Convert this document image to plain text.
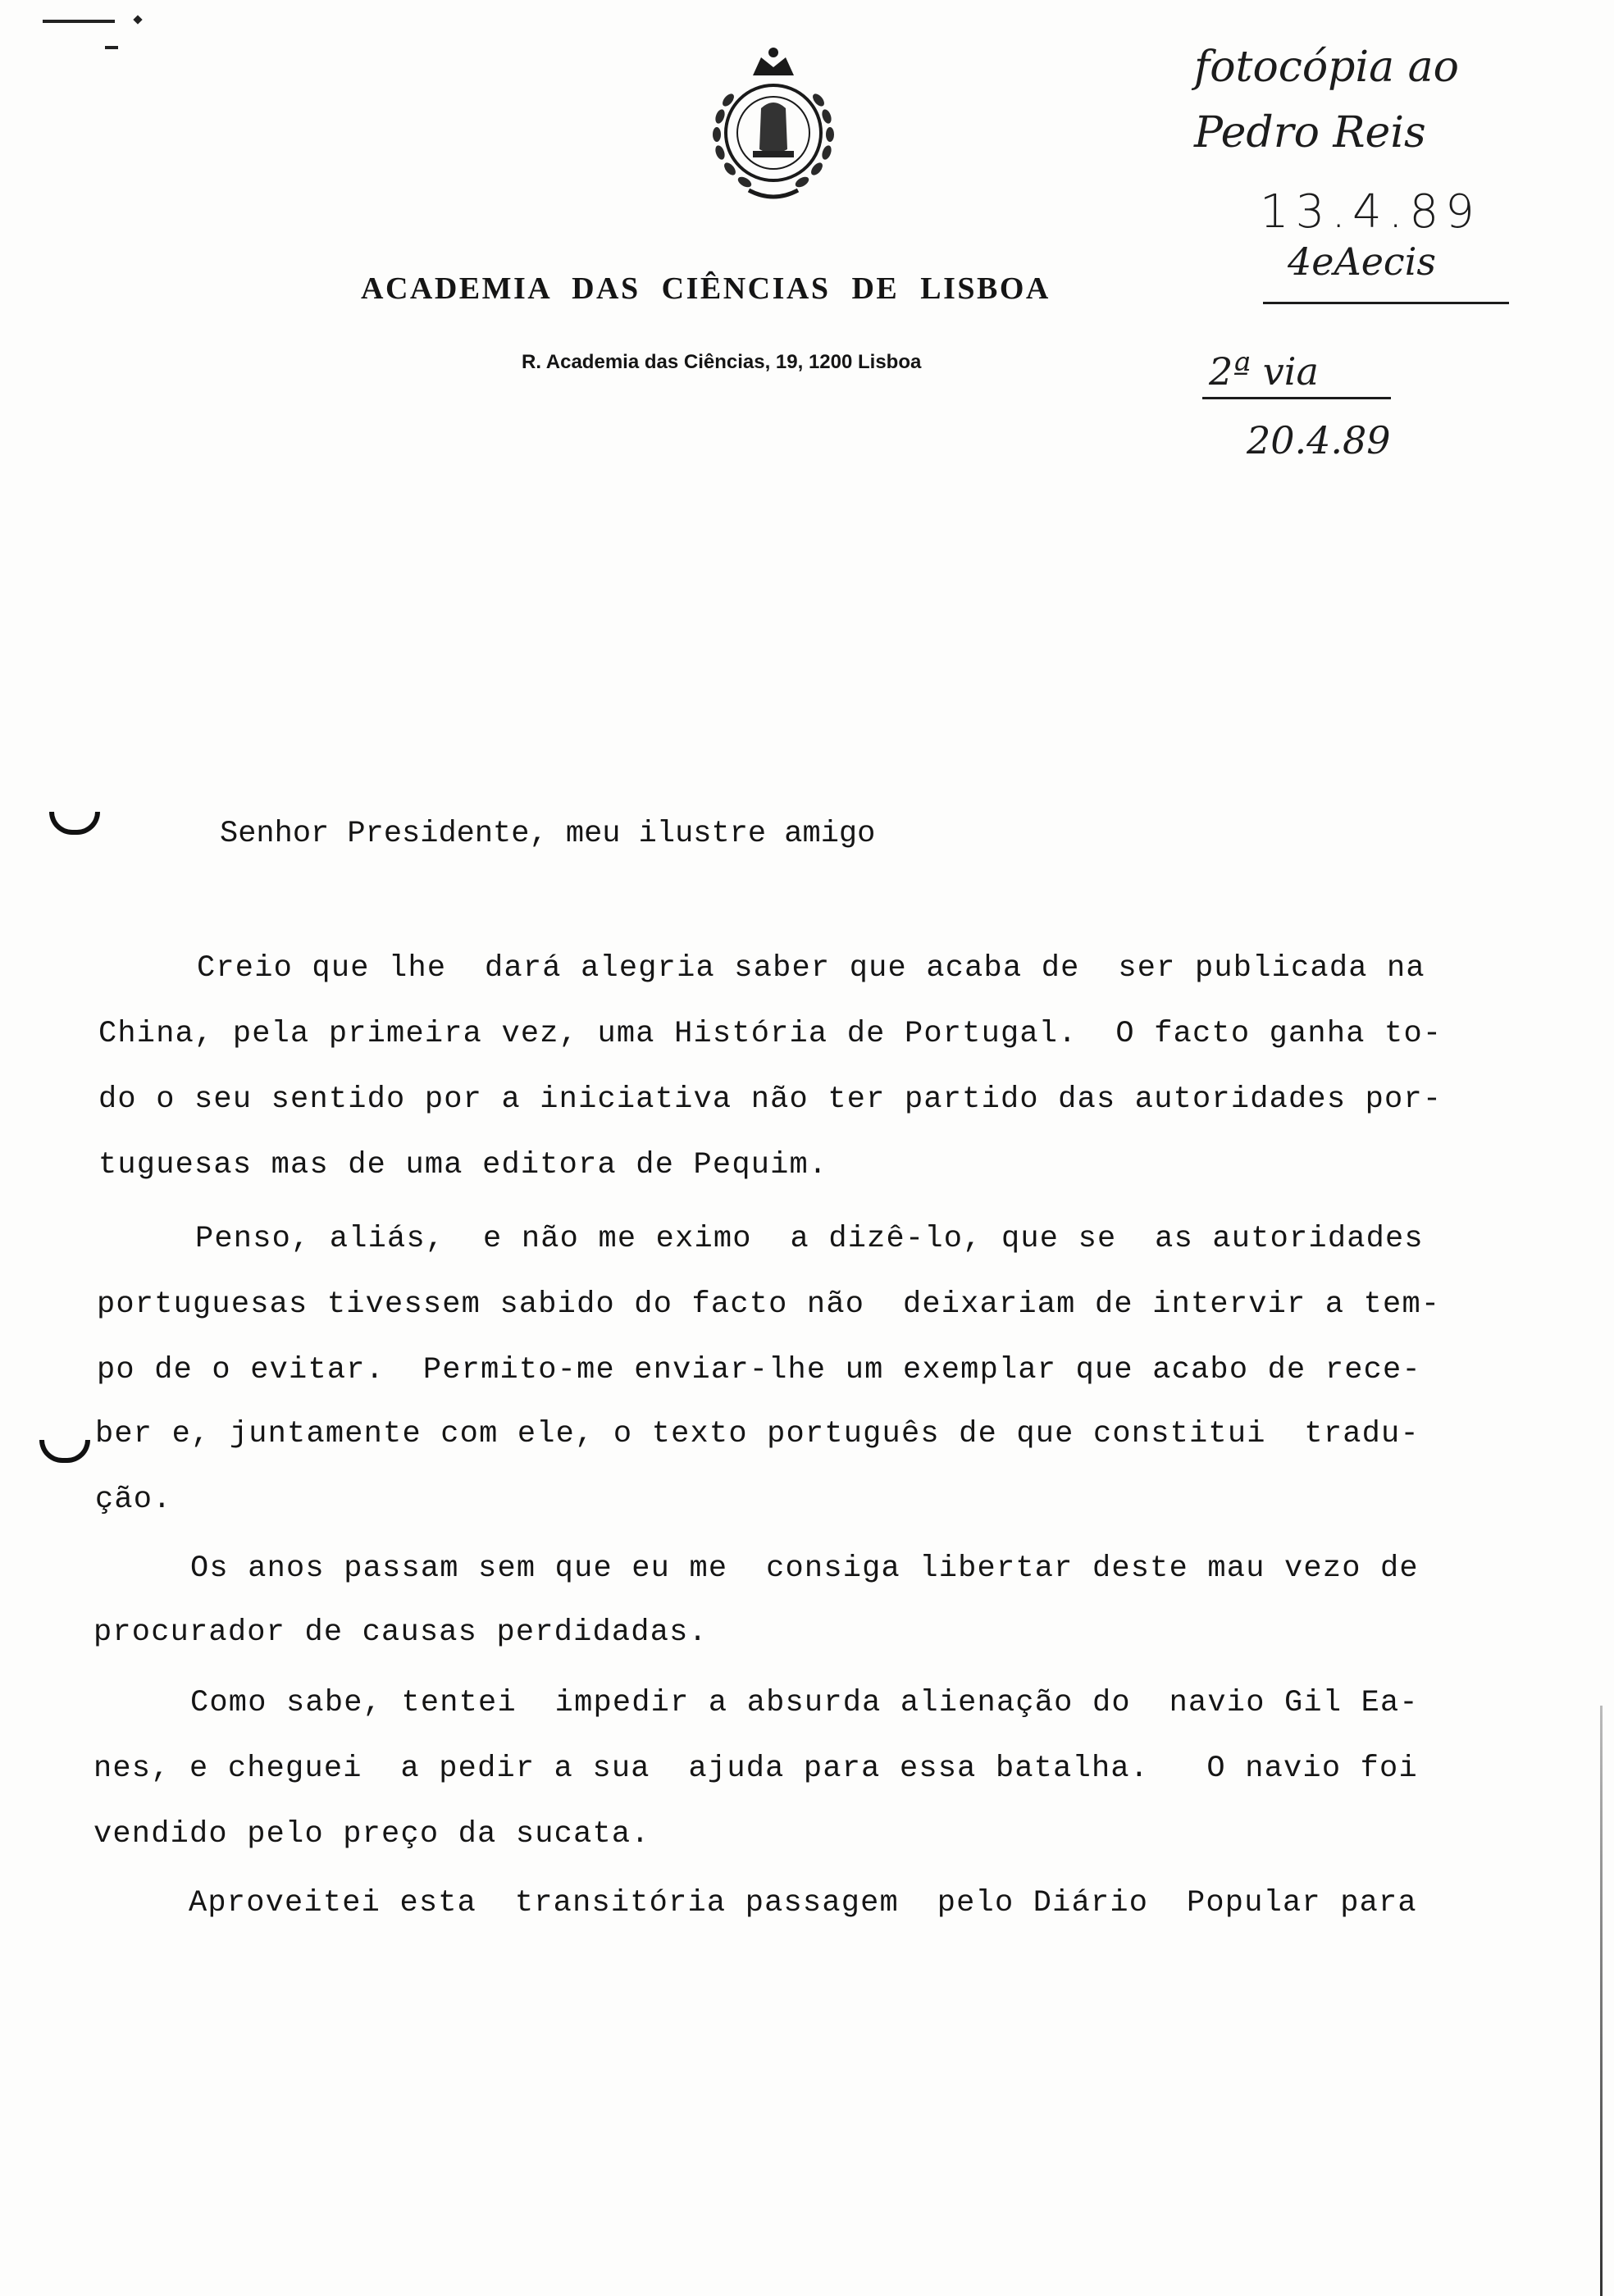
ACADEMIA DAS CIÊNCIAS DE LISBOA
R. Academia das Ciências, 19, 1200 Lisboa
fotocópia ao
Pedro Reis
13.4.89
4eAecis
2ª via
20.4.89
Senhor Presidente, meu ilustre amigo
Creio que lhe  dará alegria saber que acaba de  ser publicada na
China, pela primeira vez, uma História de Portugal.  O facto ganha to-
do o seu sentido por a iniciativa não ter partido das autoridades por-
tuguesas mas de uma editora de Pequim.
Penso, aliás,  e não me eximo  a dizê-lo, que se  as autoridades
portuguesas tivessem sabido do facto não  deixariam de intervir a tem-
po de o evitar.  Permito-me enviar-lhe um exemplar que acabo de rece-
ber e, juntamente com ele, o texto português de que constitui  tradu-
ção.
Os anos passam sem que eu me  consiga libertar deste mau vezo de
procurador de causas perdidadas.
Como sabe, tentei  impedir a absurda alienação do  navio Gil Ea-
nes, e cheguei  a pedir a sua  ajuda para essa batalha.   O navio foi
vendido pelo preço da sucata.
Aproveitei esta  transitória passagem  pelo Diário  Popular para
